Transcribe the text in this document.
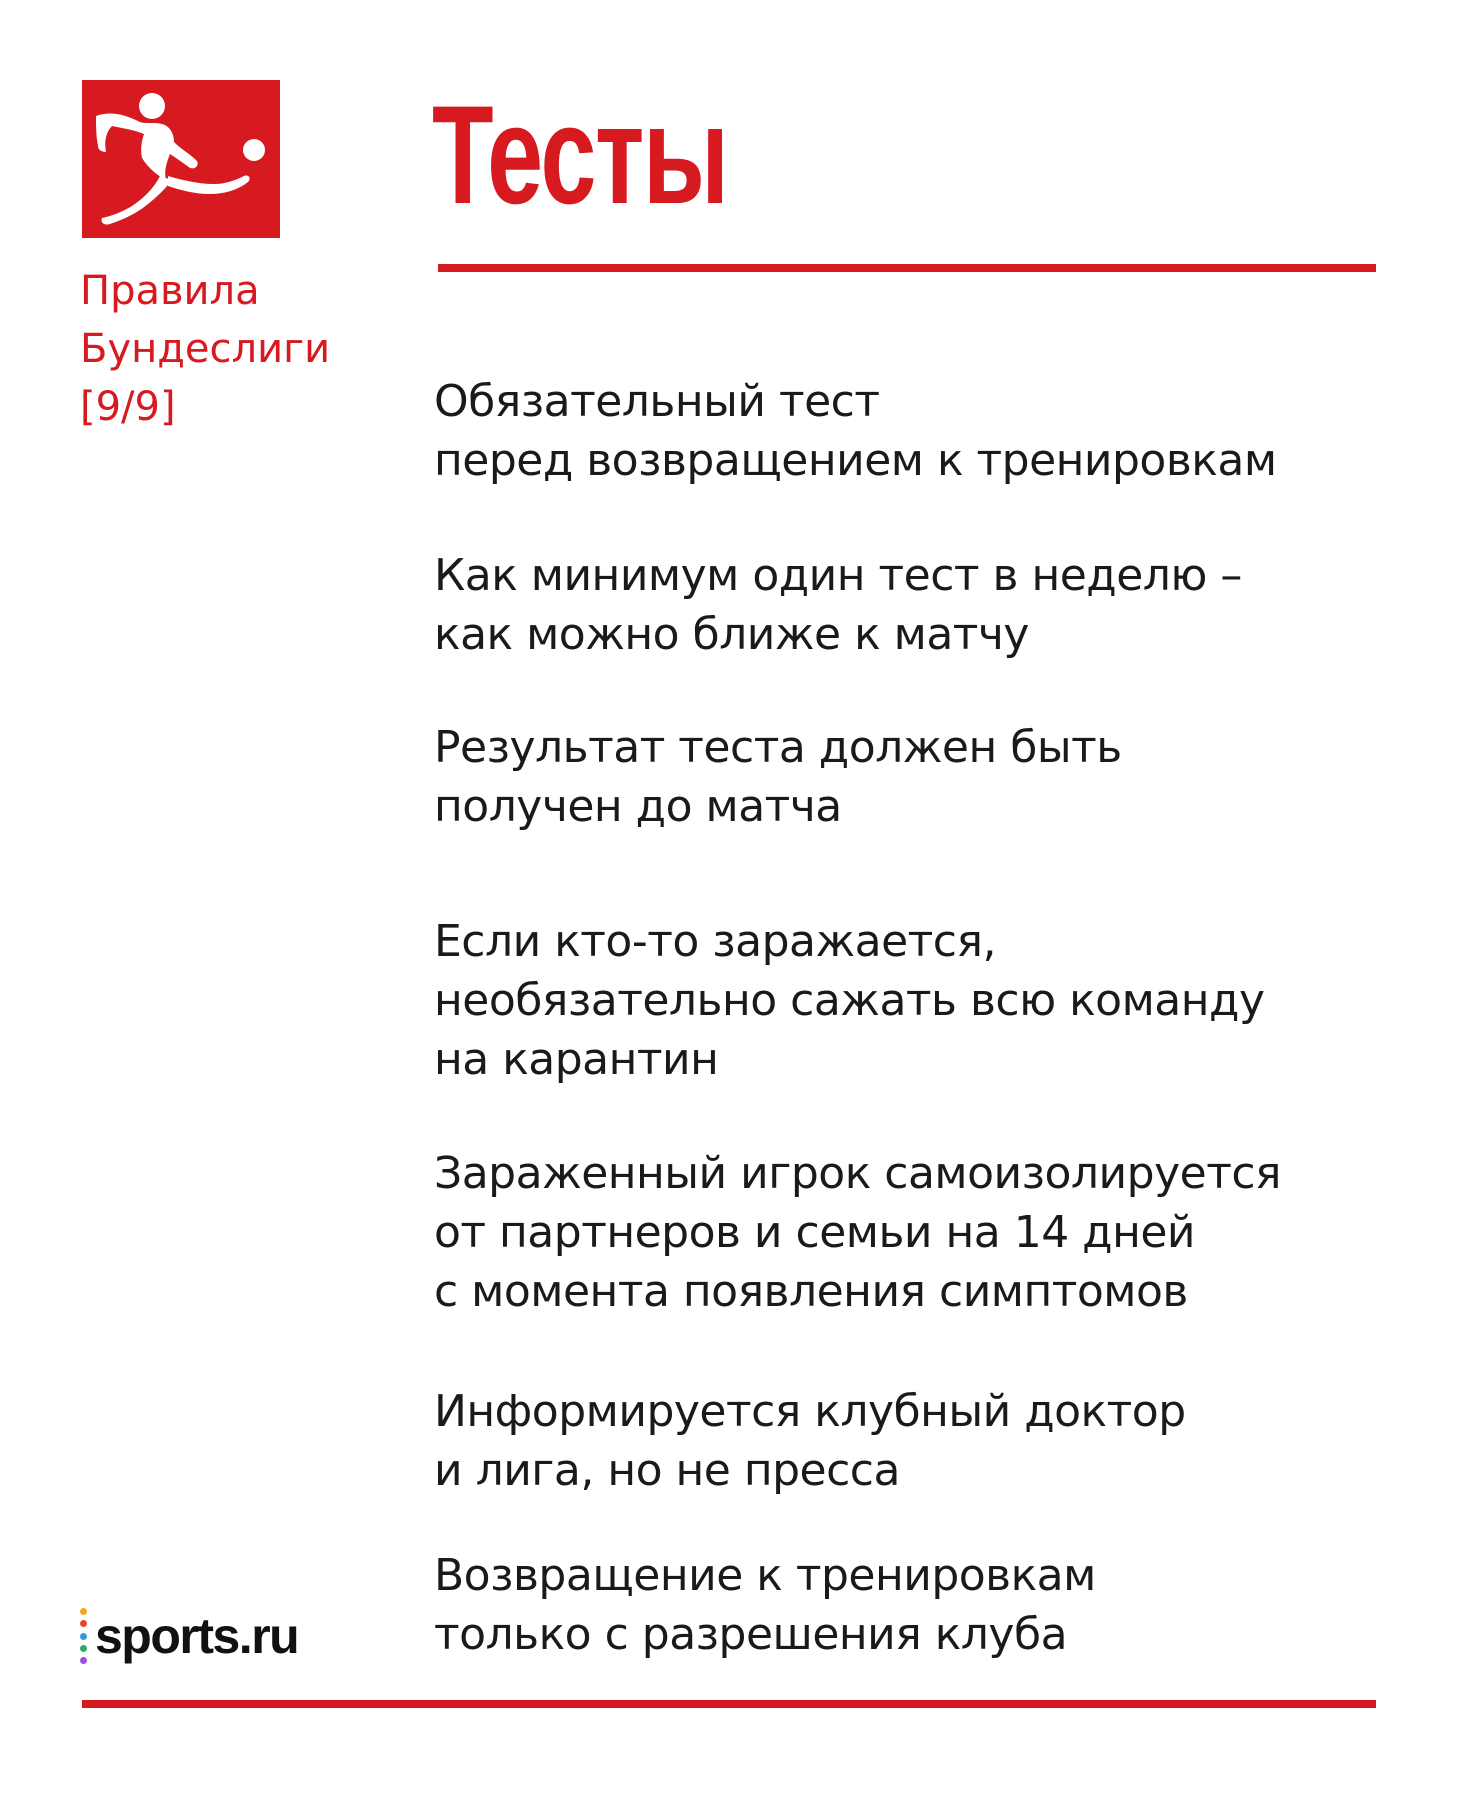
Правила
Бундеслиги
[9/9]
Тесты
Обязательный тест
перед возвращением к тренировкам
Как минимум один тест в неделю –
как можно ближе к матчу
Результат теста должен быть
получен до матча
Если кто-то заражается,
необязательно сажать всю команду
на карантин
Зараженный игрок самоизолируется
от партнеров и семьи на 14 дней
с момента появления симптомов
Информируется клубный доктор
и лига, но не пресса
Возвращение к тренировкам
только с разрешения клуба
sports.ru
